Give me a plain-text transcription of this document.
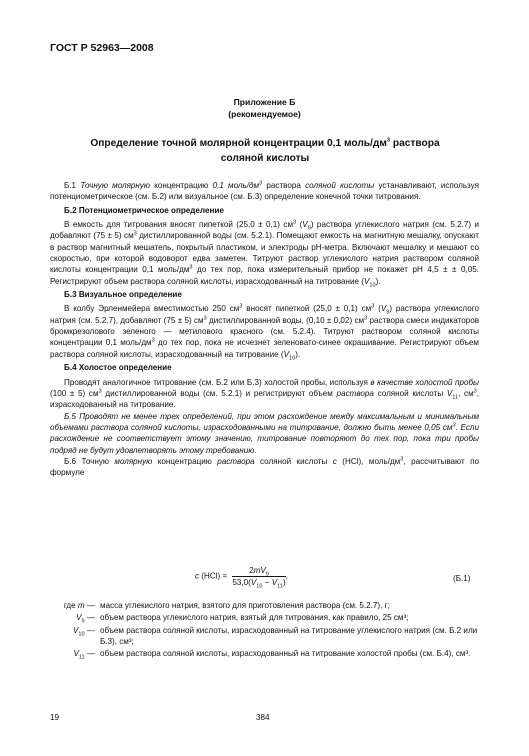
ГОСТ Р 52963—2008
Приложение Б
(рекомендуемое)
Определение точной молярной концентрации 0,1 моль/$дм^3$ раствора
соляной кислоты

Б.1 Точную молярную концентрацию 0,1 моль/$дм^3$ раствора соляной кислоты устанавливают, используя потенциометрическое (см. Б.2) или визуальное (см. Б.3) определение конечной точки титрования.

Б.2 Потенциометрическое определение

В емкость для титрования вносят пипеткой (25,0 ± 0,1) $см^3$ $(V_9)$ раствора углекислого натрия (см. 5.2.7) и добавляют (75 ± 5) $см^3$ дистиллированной воды (см. 5.2.1). Помещают емкость на магнитную мешалку, опускают в раствор магнитный мешатель, покрытый пластиком, и электроды pH-метра. Включают мешалку и мешают со скоростью, при которой водоворот едва заметен. Титруют раствор углекислого натрия раствором соляной кислоты концентрации 0,1 моль/$дм^3$ до тех пор, пока измерительный прибор не покажет pH 4,5 ± ± 0,05. Регистрируют объем раствора соляной кислоты, израсходованный на титрование $(V_{10})$.

Б.3 Визуальное определение

В колбу Эрленмейера вместимостью 250 $см^3$ вносят пипеткой (25,0 ± 0,1) $см^3$ $(V_9)$ раствора углекислого натрия (см. 5.2.7), добавляют (75 ± 5) $см^3$ дистиллированной воды, (0,10 ± 0,02) $см^3$ раствора смеси индикаторов бромкрезолового зеленого — метилового красного (см. 5.2.4). Титруют раствором соляной кислоты концентрации 0,1 моль/$дм^3$ до тех пор, пока не исчезнет зеленовато-синее окрашивание. Регистрируют объем раствора соляной кислоты, израсходованный на титрование $(V_{10})$.

Б.4 Холостое определение

Проводят аналогичное титрование (см. Б.2 или Б.3) холостой пробы, используя в качестве холостой пробы (100 ± 5) $см^3$ дистиллированной воды (см. 5.2.1) и регистрируют объем раствора соляной кислоты $V_{11}$, $см^3$, израсходованный на титрование.

Б.5 Проводят не менее трех определений, при этом расхождение между максимальным и минимальным объемами раствора соляной кислоты, израсходованными на титрование, должно быть менее 0,05 $см^3$. Если расхождение не соответствует этому значению, титрование повторяют до тех пор, пока три пробы подряд не будут удовлетворять этому требованию.

Б.6 Точную молярную концентрацию раствора соляной кислоты c (HCl), моль/$дм^3$, рассчитывают по формуле

c $(HCl) = \frac{2mV_9}{53,0(V_{10} - V_{11})}$ ,	(Б.1)
где m — масса углекислого натрия, взятого для приготовления раствора (см. 5.2.7), г;
$V_9$ — объем раствора углекислого натрия, взятый для титрования, как правило, 25 см³;
$V_{10}$ — объем раствора соляной кислоты, израсходованный на титрование углекислого натрия (см. Б.2 или Б.3), см³;
$V_{11}$ — объем раствора соляной кислоты, израсходованный на титрование холостой пробы (см. Б.4), см³.
19	384
